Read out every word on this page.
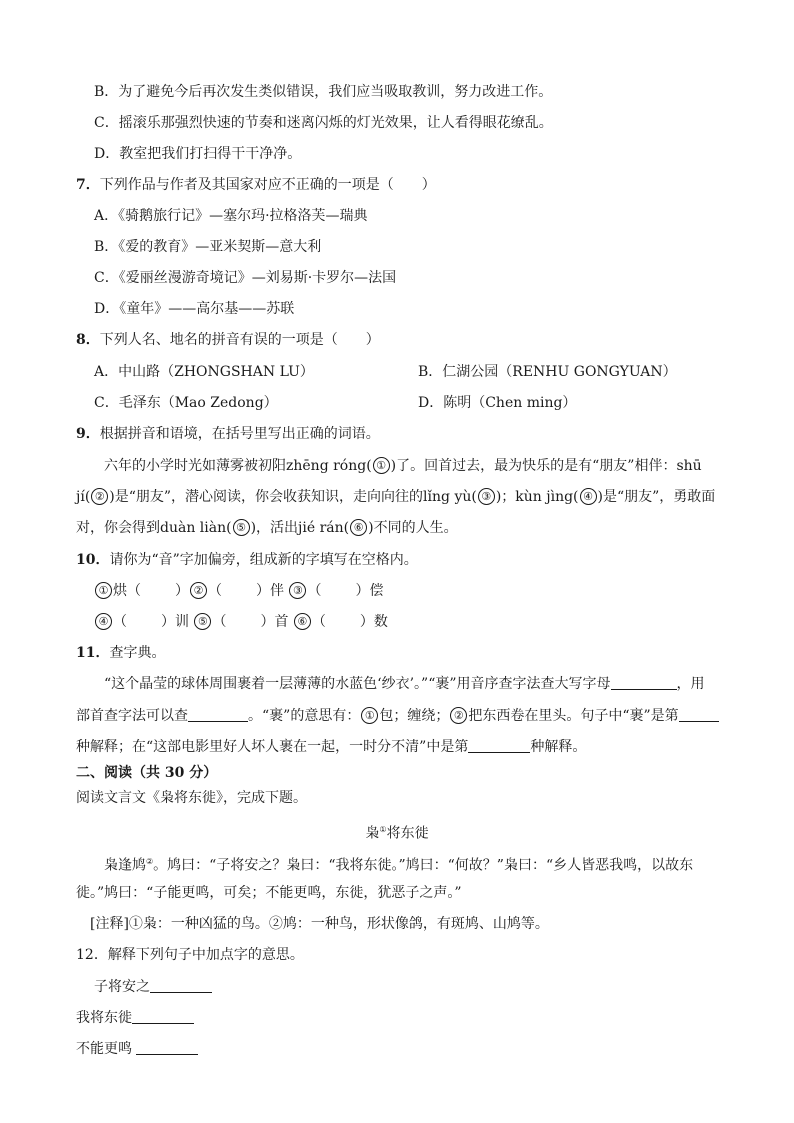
B．为了避免今后再次发生类似错误，我们应当吸取教训，努力改进工作。
C．摇滚乐那强烈快速的节奏和迷离闪烁的灯光效果，让人看得眼花缭乱。
D．教室把我们打扫得干干净净。
7．下列作品与作者及其国家对应不正确的一项是（　　）
A．《骑鹅旅行记》—塞尔玛·拉格洛芙—瑞典
B．《爱的教育》—亚米契斯—意大利
C．《爱丽丝漫游奇境记》—刘易斯·卡罗尔—法国
D．《童年》——高尔基——苏联
8．下列人名、地名的拼音有误的一项是（　　）
A．中山路（ZHONGSHAN LU）	B．仁湖公园（RENHU GONGYUAN）
C．毛泽东（Mao Zedong）	D．陈明（Chen ming）
9．根据拼音和语境，在括号里写出正确的词语。
六年的小学时光如薄雾被初阳zhēng róng( ① )了。回首过去，最为快乐的是有“朋友”相伴：shū
jí( ② )是“朋友”，潜心阅读，你会收获知识，走向向往的lǐng yù( ③ )；kùn jìng( ④ )是“朋友”，勇敢面
对，你会得到duàn liàn( ⑤ )，活出jié rán( ⑥ )不同的人生。
10．请你为“音”字加偏旁，组成新的字填写在空格内。
① 烘（ ） ② （ ）伴 ③ （ ）偿
④ （ ）训 ⑤ （ ）首 ⑥ （ ）数
11．查字典。
“这个晶莹的球体周围裹着一层薄薄的水蓝色‘纱衣’。”“裹”用音序查字法查大写字母	，用
部首查字法可以查	。“裹”的意思有： ① 包；缠绕； ② 把东西卷在里头。句子中“裹”是第
种解释；在“这部电影里好人坏人裹在一起，一时分不清”中是第	种解释。
二、阅读（共 30 分）
阅读文言文《枭将东徙》，完成下题。
枭①将东徙
枭逢鸠②。鸠曰：“子将安之？枭曰：“我将东徙。”鸠曰：“何故？”枭曰：“乡人皆恶我鸣，以故东
徙。”鸠曰：“子能更鸣，可矣；不能更鸣，东徙，犹恶子之声。”
[注释]①枭：一种凶猛的鸟。②鸠：一种鸟，形状像鸽，有斑鸠、山鸠等。
12．解释下列句子中加点字的意思。
子将安之
我将东徙
不能更鸣
